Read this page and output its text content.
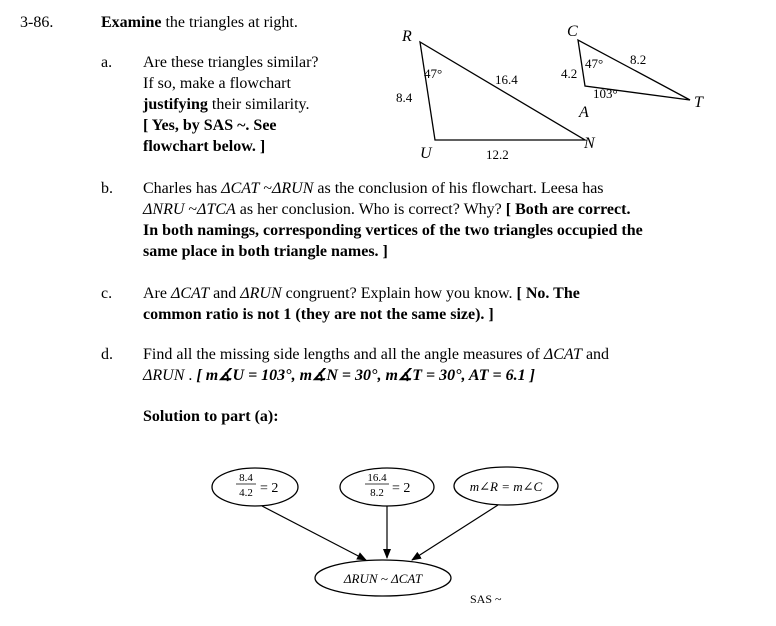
3-86.	Examine the triangles at right.
a. Are these triangles similar?
If so, make a flowchart
justifying their similarity.
[ Yes, by SAS ~. See
flowchart below. ]
R
U
N
47°
8.4
16.4
12.2
C
A
T
47°
103°
4.2
8.2
b. Charles has ΔCAT ~ΔRUN as the conclusion of his flowchart. Leesa has
ΔNRU ~ΔTCA as her conclusion. Who is correct? Why? [ Both are correct.
In both namings, corresponding vertices of the two triangles occupied the
same place in both triangle names. ]
c. Are ΔCAT and ΔRUN congruent? Explain how you know. [ No. The
common ratio is not 1 (they are not the same size). ]
d. Find all the missing side lengths and all the angle measures of ΔCAT and
ΔRUN . [ m∡U = 103°, m∡N = 30°, m∡T = 30°, AT = 6.1 ]
Solution to part (a):
8.4
4.2 = 2
16.4
8.2 = 2	m∠R = m∠C
ΔRUN ~ ΔCAT
SAS ~
